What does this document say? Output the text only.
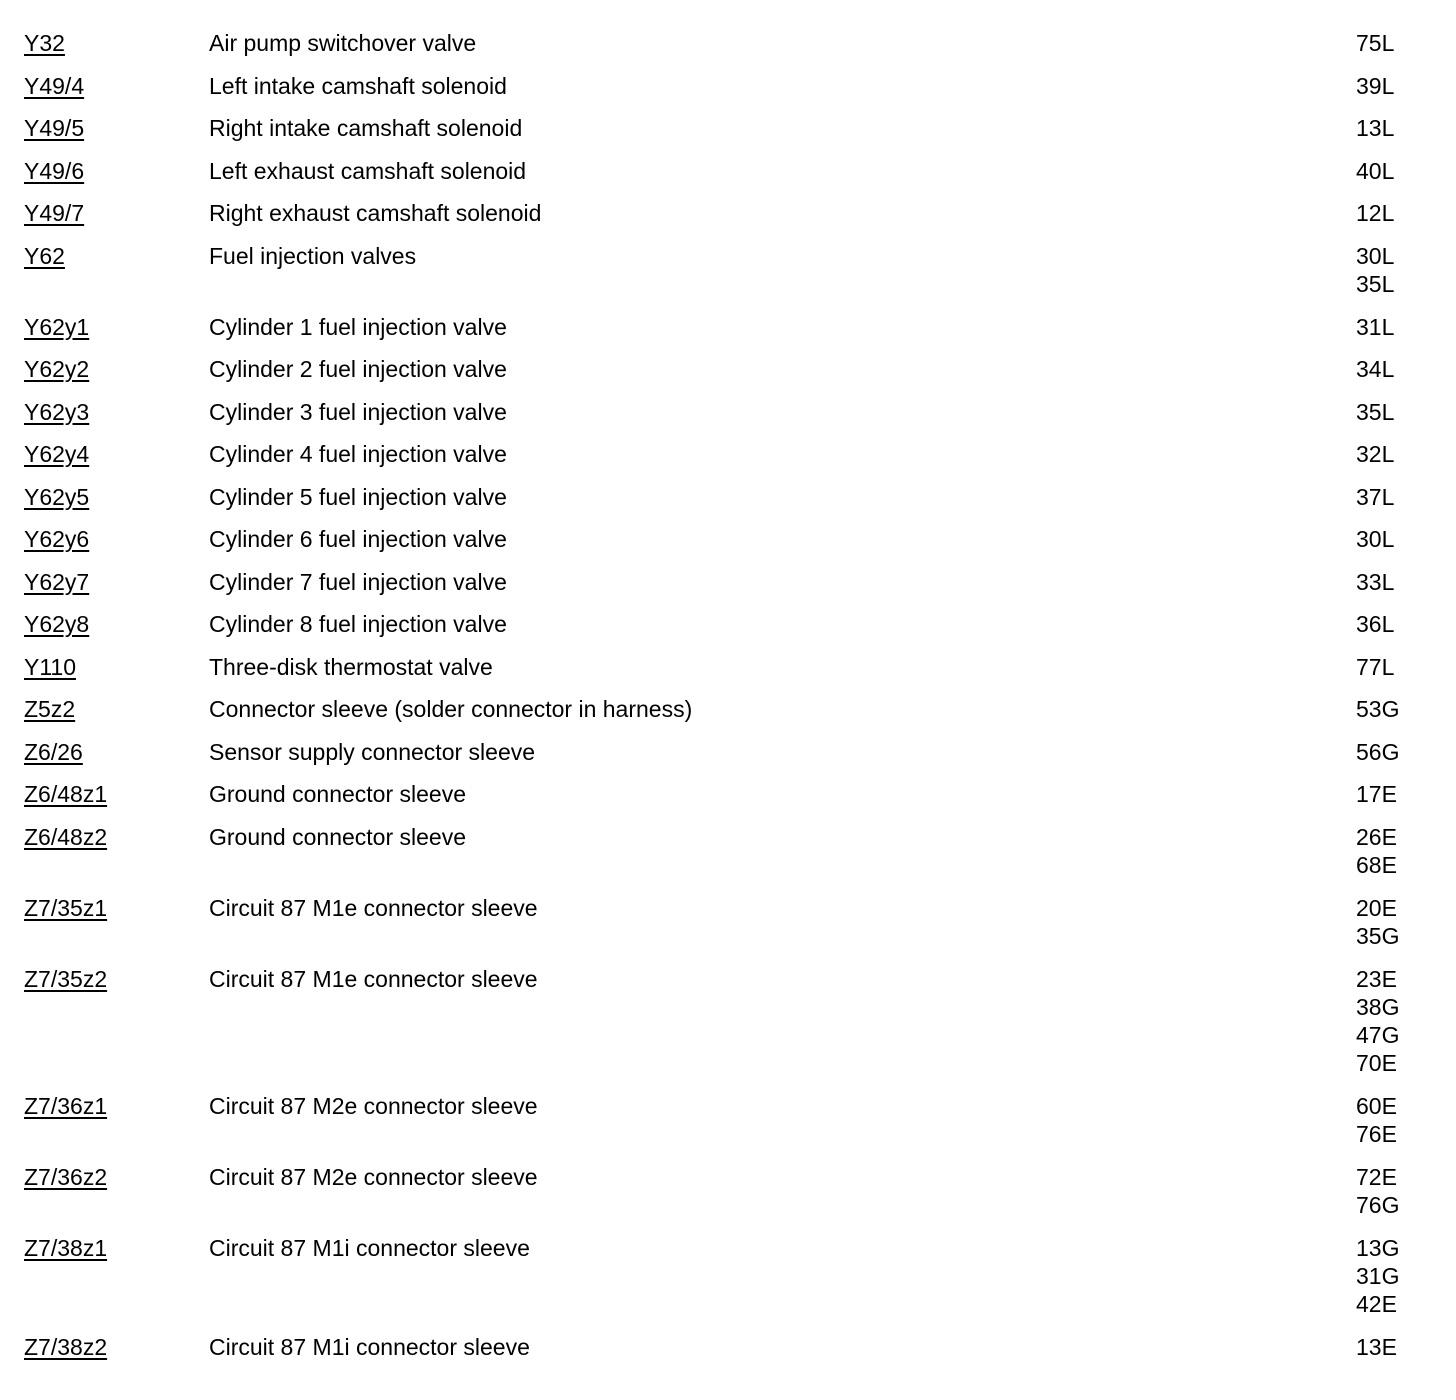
Y32	Air pump switchover valve	75L
Y49/4	Left intake camshaft solenoid	39L
Y49/5	Right intake camshaft solenoid	13L
Y49/6	Left exhaust camshaft solenoid	40L
Y49/7	Right exhaust camshaft solenoid	12L
Y62	Fuel injection valves	30L
35L
Y62y1	Cylinder 1 fuel injection valve	31L
Y62y2	Cylinder 2 fuel injection valve	34L
Y62y3	Cylinder 3 fuel injection valve	35L
Y62y4	Cylinder 4 fuel injection valve	32L
Y62y5	Cylinder 5 fuel injection valve	37L
Y62y6	Cylinder 6 fuel injection valve	30L
Y62y7	Cylinder 7 fuel injection valve	33L
Y62y8	Cylinder 8 fuel injection valve	36L
Y110	Three-disk thermostat valve	77L
Z5z2	Connector sleeve (solder connector in harness)	53G
Z6/26	Sensor supply connector sleeve	56G
Z6/48z1	Ground connector sleeve	17E
Z6/48z2	Ground connector sleeve	26E
68E
Z7/35z1	Circuit 87 M1e connector sleeve	20E
35G
Z7/35z2	Circuit 87 M1e connector sleeve	23E
38G
47G
70E
Z7/36z1	Circuit 87 M2e connector sleeve	60E
76E
Z7/36z2	Circuit 87 M2e connector sleeve	72E
76G
Z7/38z1	Circuit 87 M1i connector sleeve	13G
31G
42E
Z7/38z2	Circuit 87 M1i connector sleeve	13E
